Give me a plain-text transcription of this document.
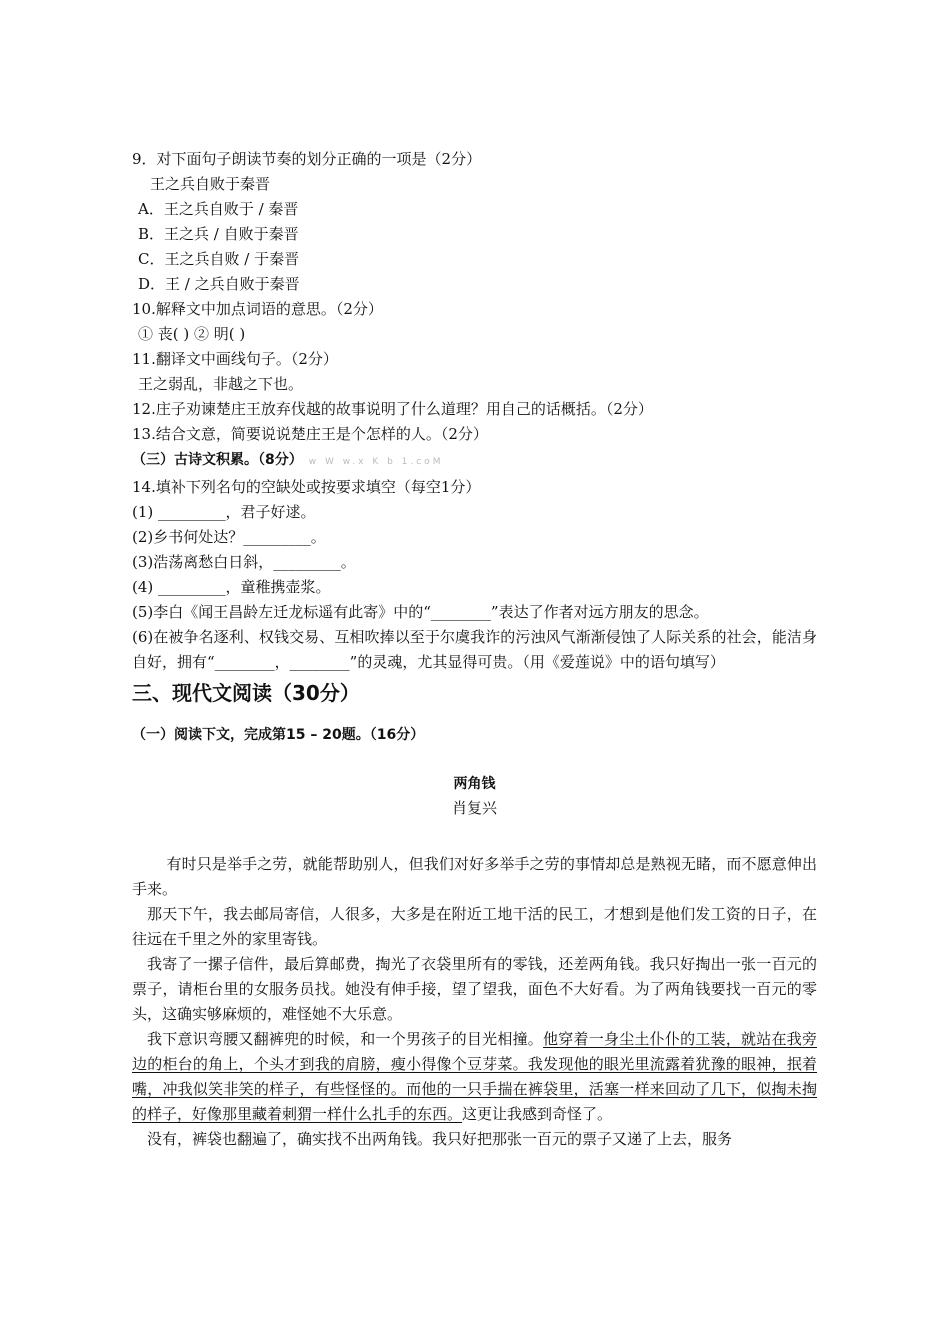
9．对下面句子朗读节奏的划分正确的一项是（2分）
王之兵自败于秦晋
A．王之兵自败于 / 秦晋
B．王之兵 / 自败于秦晋
C．王之兵自败 / 于秦晋
D．王 / 之兵自败于秦晋
10.解释文中加点词语的意思。（2分）
① 丧( ) ② 明( )
11.翻译文中画线句子。（2分）
王之弱乱，非越之下也。
12.庄子劝谏楚庄王放弃伐越的故事说明了什么道理？用自己的话概括。（2分）
13.结合文意，简要说说楚庄王是个怎样的人。（2分）
（三）古诗文积累。（8分） w W w.x K b 1.coM
14.填补下列名句的空缺处或按要求填空（每空1分）
(1) _________，君子好逑。
(2)乡书何处达？_________。
(3)浩荡离愁白日斜，_________。
(4) _________，童稚携壶浆。
(5)李白《闻王昌龄左迁龙标遥有此寄》中的“________”表达了作者对远方朋友的思念。
(6)在被争名逐利、权钱交易、互相吹捧以至于尔虞我诈的污浊风气渐渐侵蚀了人际关系的社会，能洁身自好，拥有“________，________”的灵魂，尤其显得可贵。（用《爱莲说》中的语句填写）
三、现代文阅读（30分）
（一）阅读下文，完成第15 – 20题。（16分）
两角钱
肖复兴

有时只是举手之劳，就能帮助别人，但我们对好多举手之劳的事情却总是熟视无睹，而不愿意伸出手来。

那天下午，我去邮局寄信，人很多，大多是在附近工地干活的民工，才想到是他们发工资的日子，在往远在千里之外的家里寄钱。

我寄了一摞子信件，最后算邮费，掏光了衣袋里所有的零钱，还差两角钱。我只好掏出一张一百元的票子，请柜台里的女服务员找。她没有伸手接，望了望我，面色不大好看。为了两角钱要找一百元的零头，这确实够麻烦的，难怪她不大乐意。

我下意识弯腰又翻裤兜的时候，和一个男孩子的目光相撞。他穿着一身尘土仆仆的工装，就站在我旁边的柜台的角上，个头才到我的肩膀，瘦小得像个豆芽菜。我发现他的眼光里流露着犹豫的眼神，抿着嘴，冲我似笑非笑的样子，有些怪怪的。而他的一只手揣在裤袋里，活塞一样来回动了几下，似掏未掏的样子，好像那里藏着刺猬一样什么扎手的东西。这更让我感到奇怪了。

没有，裤袋也翻遍了，确实找不出两角钱。我只好把那张一百元的票子又递了上去，服务
